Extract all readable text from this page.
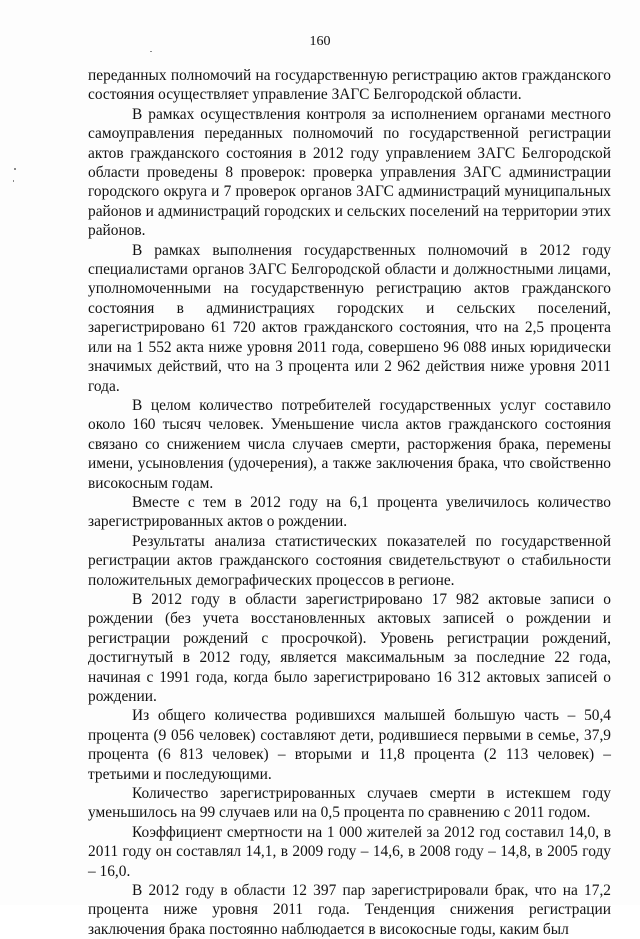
160

переданных полномочий на государственную регистрацию актов гражданского состояния осуществляет управление ЗАГС Белгородской области.

В рамках осуществления контроля за исполнением органами местного самоуправления переданных полномочий по государственной регистрации актов гражданского состояния в 2012 году управлением ЗАГС Белгородской области проведены 8 проверок: проверка управления ЗАГС администрации городского округа и 7 проверок органов ЗАГС администраций муниципальных районов и администраций городских и сельских поселений на территории этих районов.

В рамках выполнения государственных полномочий в 2012 году специалистами органов ЗАГС Белгородской области и должностными лицами, уполномоченными на государственную регистрацию актов гражданского состояния в администрациях городских и сельских поселений, зарегистрировано 61 720 актов гражданского состояния, что на 2,5 процента или на 1 552 акта ниже уровня 2011 года, совершено 96 088 иных юридически значимых действий, что на 3 процента или 2 962 действия ниже уровня 2011 года.

В целом количество потребителей государственных услуг составило около 160 тысяч человек. Уменьшение числа актов гражданского состояния связано со снижением числа случаев смерти, расторжения брака, перемены имени, усыновления (удочерения), а также заключения брака, что свойственно високосным годам.

Вместе с тем в 2012 году на 6,1 процента увеличилось количество зарегистрированных актов о рождении.

Результаты анализа статистических показателей по государственной регистрации актов гражданского состояния свидетельствуют о стабильности положительных демографических процессов в регионе.

В 2012 году в области зарегистрировано 17 982 актовые записи о рождении (без учета восстановленных актовых записей о рождении и регистрации рождений с просрочкой). Уровень регистрации рождений, достигнутый в 2012 году, является максимальным за последние 22 года, начиная с 1991 года, когда было зарегистрировано 16 312 актовых записей о рождении.

Из общего количества родившихся малышей большую часть – 50,4 процента (9 056 человек) составляют дети, родившиеся первыми в семье, 37,9 процента (6 813 человек) – вторыми и 11,8 процента (2 113 человек) – третьими и последующими.

Количество зарегистрированных случаев смерти в истекшем году уменьшилось на 99 случаев или на 0,5 процента по сравнению с 2011 годом.

Коэффициент смертности на 1 000 жителей за 2012 год составил 14,0, в 2011 году он составлял 14,1, в 2009 году – 14,6, в 2008 году – 14,8, в 2005 году – 16,0.

В 2012 году в области 12 397 пар зарегистрировали брак, что на 17,2 процента ниже уровня 2011 года. Тенденция снижения регистрации заключения брака постоянно наблюдается в високосные годы, каким был
